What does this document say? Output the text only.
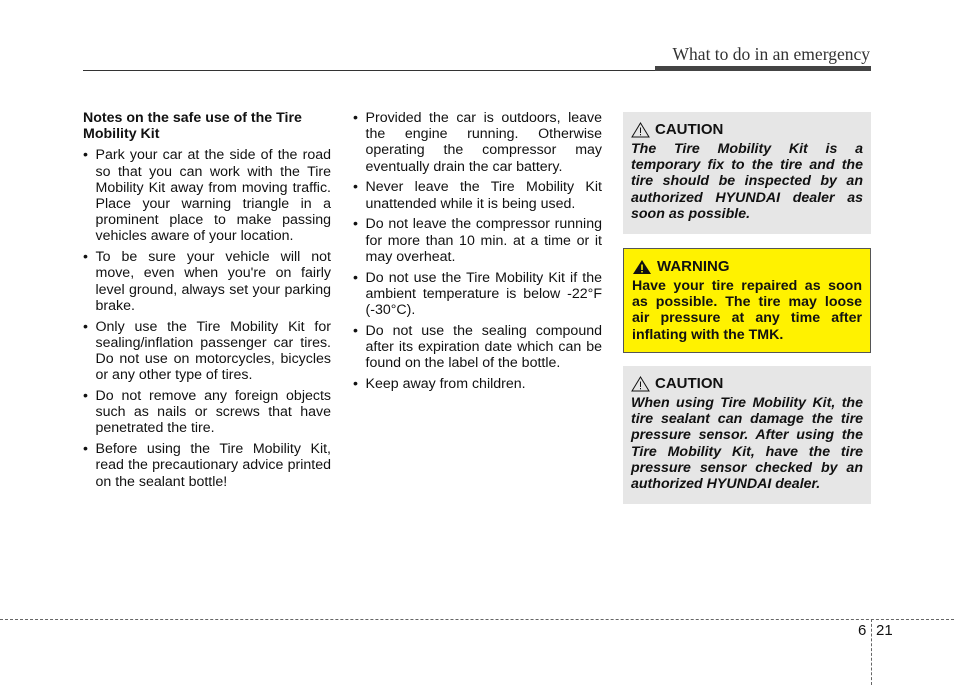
What to do in an emergency
Notes on the safe use of the Tire Mobility Kit
• Park your car at the side of the road so that you can work with the Tire Mobility Kit away from moving traffic. Place your warning triangle in a prominent place to make passing vehicles aware of your location.
• To be sure your vehicle will not move, even when you're on fairly level ground, always set your parking brake.
• Only use the Tire Mobility Kit for sealing/inflation passenger car tires. Do not use on motorcycles, bicycles or any other type of tires.
• Do not remove any foreign objects such as nails or screws that have penetrated the tire.
• Before using the Tire Mobility Kit, read the precautionary advice printed on the sealant bottle!
• Provided the car is outdoors, leave the engine running. Otherwise operating the compressor may eventually drain the car battery.
• Never leave the Tire Mobility Kit unattended while it is being used.
• Do not leave the compressor running for more than 10 min. at a time or it may overheat.
• Do not use the Tire Mobility Kit if the ambient temperature is below -22°F (-30°C).
• Do not use the sealing compound after its expiration date which can be found on the label of the bottle.
• Keep away from children.
CAUTION
The Tire Mobility Kit is a temporary fix to the tire and the tire should be inspected by an authorized HYUNDAI dealer as soon as possible.
WARNING
Have your tire repaired as soon as possible. The tire may loose air pressure at any time after inflating with the TMK.
CAUTION
When using Tire Mobility Kit, the tire sealant can damage the tire pressure sensor. After using the Tire Mobility Kit, have the tire pressure sensor checked by an authorized HYUNDAI dealer.
6 21
